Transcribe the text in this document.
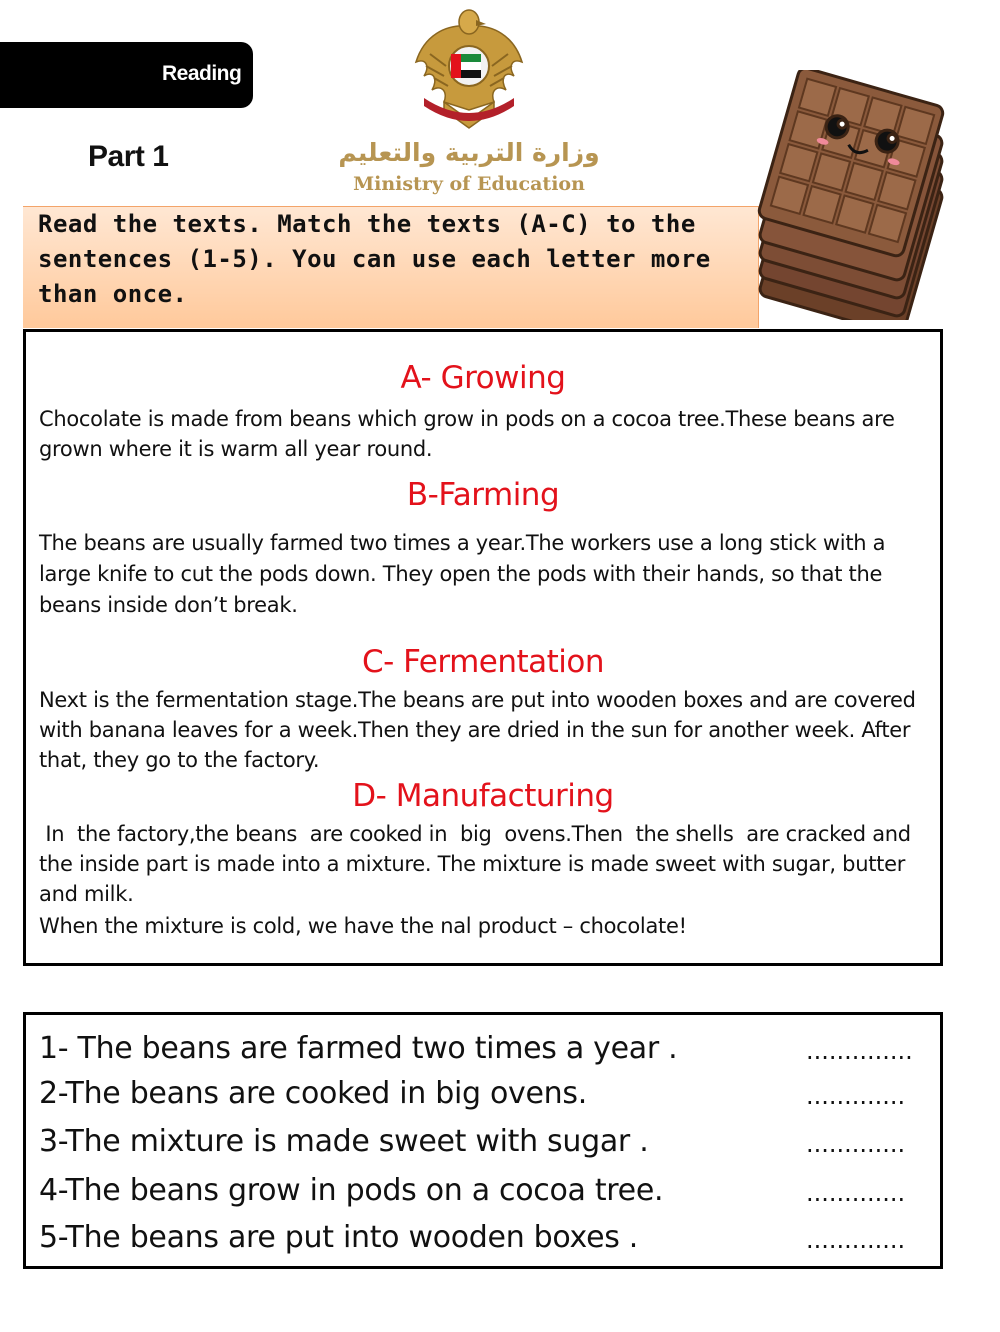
Reading
Part 1	وزارة التربية والتعليم
Ministry of Education

Read the texts. Match the texts (A-C) to the sentences (1-5). You can use each letter more than once.

A- Growing

Chocolate is made from beans which grow in pods on a cocoa tree.These beans are grown where it is warm all year round.

B-Farming

The beans are usually farmed two times a year.The workers use a long stick with a large knife to cut the pods down. They open the pods with their hands, so that the beans inside don’t break.

C- Fermentation

Next is the fermentation stage.The beans are put into wooden boxes and are covered with banana leaves for a week.Then they are dried in the sun for another week. After that, they go to the factory.

D- Manufacturing

In  the factory,the beans  are cooked in  big  ovens.Then  the shells  are cracked and the inside part is made into a mixture. The mixture is made sweet with sugar, butter and milk.

When the mixture is cold, we have the nal product – chocolate!

1- The beans are farmed two times a year .	..............
2-The beans are cooked in big ovens.	.............
3-The mixture is made sweet with sugar .	.............
4-The beans grow in pods on a cocoa tree.	.............
5-The beans are put into wooden boxes .	.............
